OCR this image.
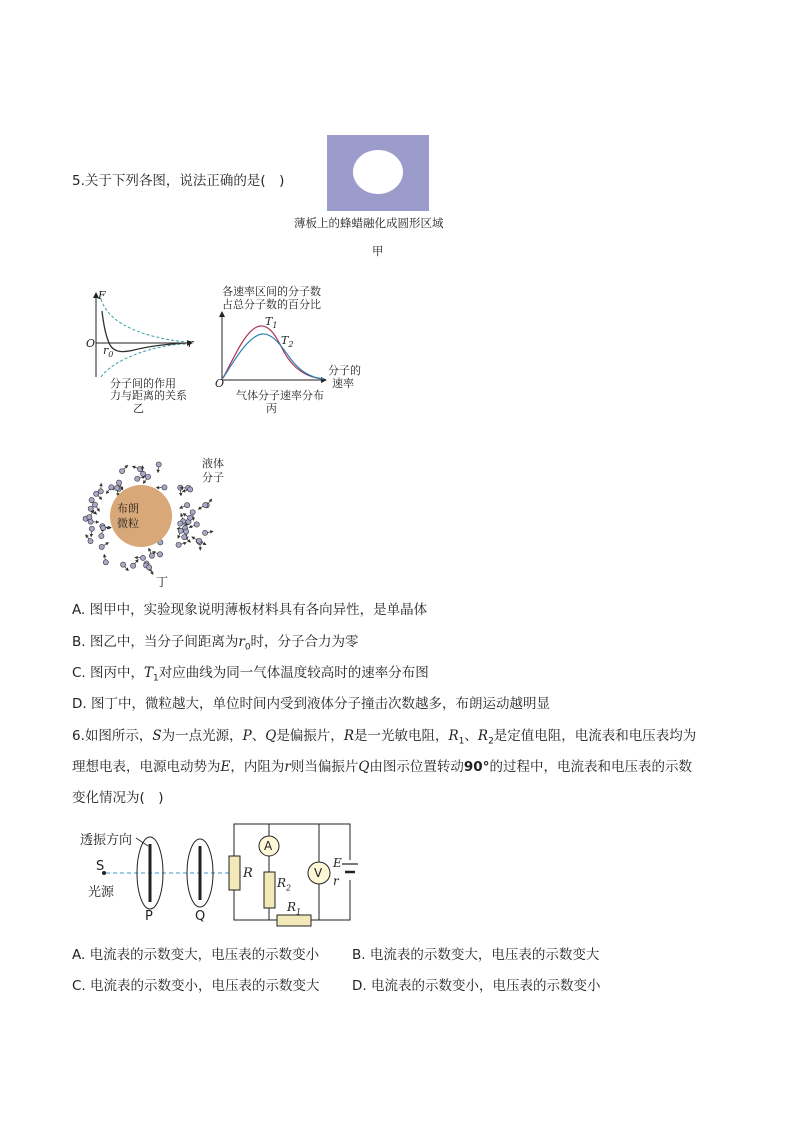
5.关于下列各图，说法正确的是(　)
薄板上的蜂蜡融化成圆形区域
甲
F
r
O
$r_0$
分子间的作用
力与距离的关系
乙
各速率区间的分子数
占总分子数的百分比
$T_1$
$T_2$
O
分子的
速率
气体分子速率分布
丙
布朗
微粒
液体
分子
丁
A. 图甲中，实验现象说明薄板材料具有各向异性，是单晶体
B. 图乙中，当分子间距离为$r_0$时，分子合力为零
C. 图丙中，$T_1$对应曲线为同一气体温度较高时的速率分布图
D. 图丁中，微粒越大，单位时间内受到液体分子撞击次数越多，布朗运动越明显
6.如图所示，S为一点光源，P、Q是偏振片，R是一光敏电阻，$R_1$、$R_2$是定值电阻，电流表和电压表均为
理想电表，电源电动势为E，内阻为r则当偏振片Q由图示位置转动90°的过程中，电流表和电压表的示数
变化情况为(　)
透振方向
S
光源
P	Q
R
A
V
$R_2$
$R_1$
E
r
A. 电流表的示数变大，电压表的示数变小 B. 电流表的示数变大，电压表的示数变大
C. 电流表的示数变小，电压表的示数变大 D. 电流表的示数变小，电压表的示数变小
